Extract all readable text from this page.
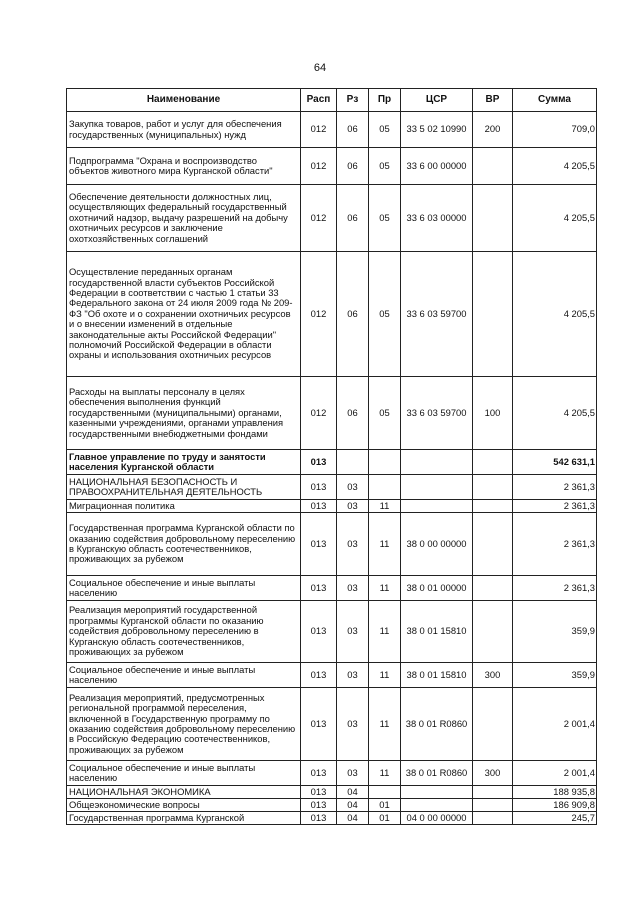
64
Наименование	Расп	Рз	Пр	ЦСР	ВР	Сумма
Закупка товаров, работ и услуг для обеспечения государственных (муниципальных) нужд	012	06	05	33 5 02 10990	200	709,0
Подпрограмма "Охрана и воспроизводство объектов животного мира Курганской области"	012	06	05	33 6 00 00000		4 205,5
Обеспечение деятельности должностных лиц, осуществляющих федеральный государственный охотничий надзор, выдачу разрешений на добычу охотничьих ресурсов и заключение охотхозяйственных соглашений	012	06	05	33 6 03 00000		4 205,5
Осуществление переданных органам государственной власти субъектов Российской Федерации в соответствии с частью 1 статьи 33 Федерального закона от 24 июля 2009 года № 209-ФЗ "Об охоте и о сохранении охотничьих ресурсов и о внесении изменений в отдельные законодательные акты Российской Федерации" полномочий Российской Федерации в области охраны и использования охотничьих ресурсов	012	06	05	33 6 03 59700		4 205,5
Расходы на выплаты персоналу в целях обеспечения выполнения функций государственными (муниципальными) органами, казенными учреждениями, органами управления государственными внебюджетными фондами	012	06	05	33 6 03 59700	100	4 205,5
Главное управление по труду и занятости населения Курганской области	013					542 631,1
НАЦИОНАЛЬНАЯ БЕЗОПАСНОСТЬ И ПРАВООХРАНИТЕЛЬНАЯ ДЕЯТЕЛЬНОСТЬ	013	03				2 361,3
Миграционная политика	013	03	11			2 361,3
Государственная программа Курганской области по оказанию содействия добровольному переселению в Курганскую область соотечественников, проживающих за рубежом	013	03	11	38 0 00 00000		2 361,3
Социальное обеспечение и иные выплаты населению	013	03	11	38 0 01 00000		2 361,3
Реализация мероприятий государственной программы Курганской области по оказанию содействия добровольному переселению в Курганскую область соотечественников, проживающих за рубежом	013	03	11	38 0 01 15810		359,9
Социальное обеспечение и иные выплаты населению	013	03	11	38 0 01 15810	300	359,9
Реализация мероприятий, предусмотренных региональной программой переселения, включенной в Государственную программу по оказанию содействия добровольному переселению в Российскую Федерацию соотечественников, проживающих за рубежом	013	03	11	38 0 01 R0860		2 001,4
Социальное обеспечение и иные выплаты населению	013	03	11	38 0 01 R0860	300	2 001,4
НАЦИОНАЛЬНАЯ ЭКОНОМИКА	013	04				188 935,8
Общеэкономические вопросы	013	04	01			186 909,8
Государственная программа Курганской	013	04	01	04 0 00 00000		245,7
